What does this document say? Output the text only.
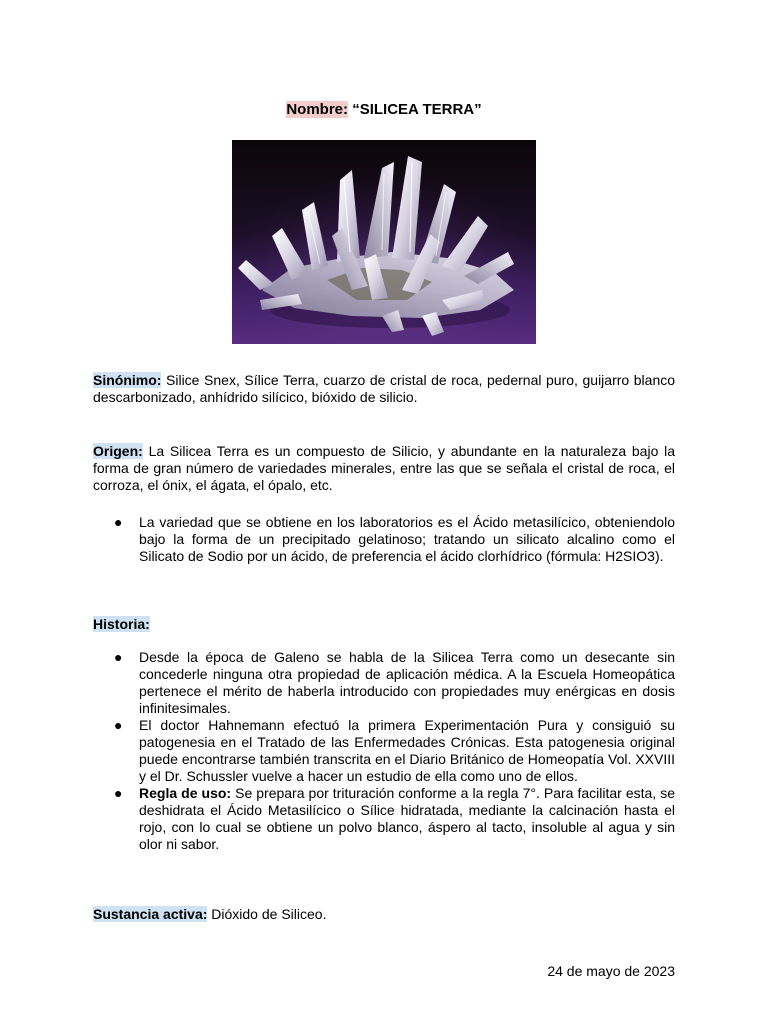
Nombre: “SILICEA TERRA”
Sinónimo: Silice Snex, Sílice Terra, cuarzo de cristal de roca, pedernal puro, guijarro blanco descarbonizado, anhídrido silícico, bióxido de silicio.
Origen: La Silicea Terra es un compuesto de Silicio, y abundante en la naturaleza bajo la forma de gran número de variedades minerales, entre las que se señala el cristal de roca, el corroza, el ónix, el ágata, el ópalo, etc.
● La variedad que se obtiene en los laboratorios es el Ácido metasilícico, obteniendolo bajo la forma de un precipitado gelatinoso; tratando un silicato alcalino como el Silicato de Sodio por un ácido, de preferencia el ácido clorhídrico (fórmula: H2SIO3).
Historia:
● Desde la época de Galeno se habla de la Silicea Terra como un desecante sin concederle ninguna otra propiedad de aplicación médica. A la Escuela Homeopática pertenece el mérito de haberla introducido con propiedades muy enérgicas en dosis infinitesimales.
● El doctor Hahnemann efectuó la primera Experimentación Pura y consiguió su patogenesia en el Tratado de las Enfermedades Crónicas. Esta patogenesia original puede encontrarse también transcrita en el Diario Británico de Homeopatía Vol. XXVIII y el Dr. Schussler vuelve a hacer un estudio de ella como uno de ellos.
● Regla de uso: Se prepara por trituración conforme a la regla 7°. Para facilitar esta, se deshidrata el Ácido Metasilícico o Sílice hidratada, mediante la calcinación hasta el rojo, con lo cual se obtiene un polvo blanco, áspero al tacto, insoluble al agua y sin olor ni sabor.
Sustancia activa: Dióxido de Siliceo.
24 de mayo de 2023
